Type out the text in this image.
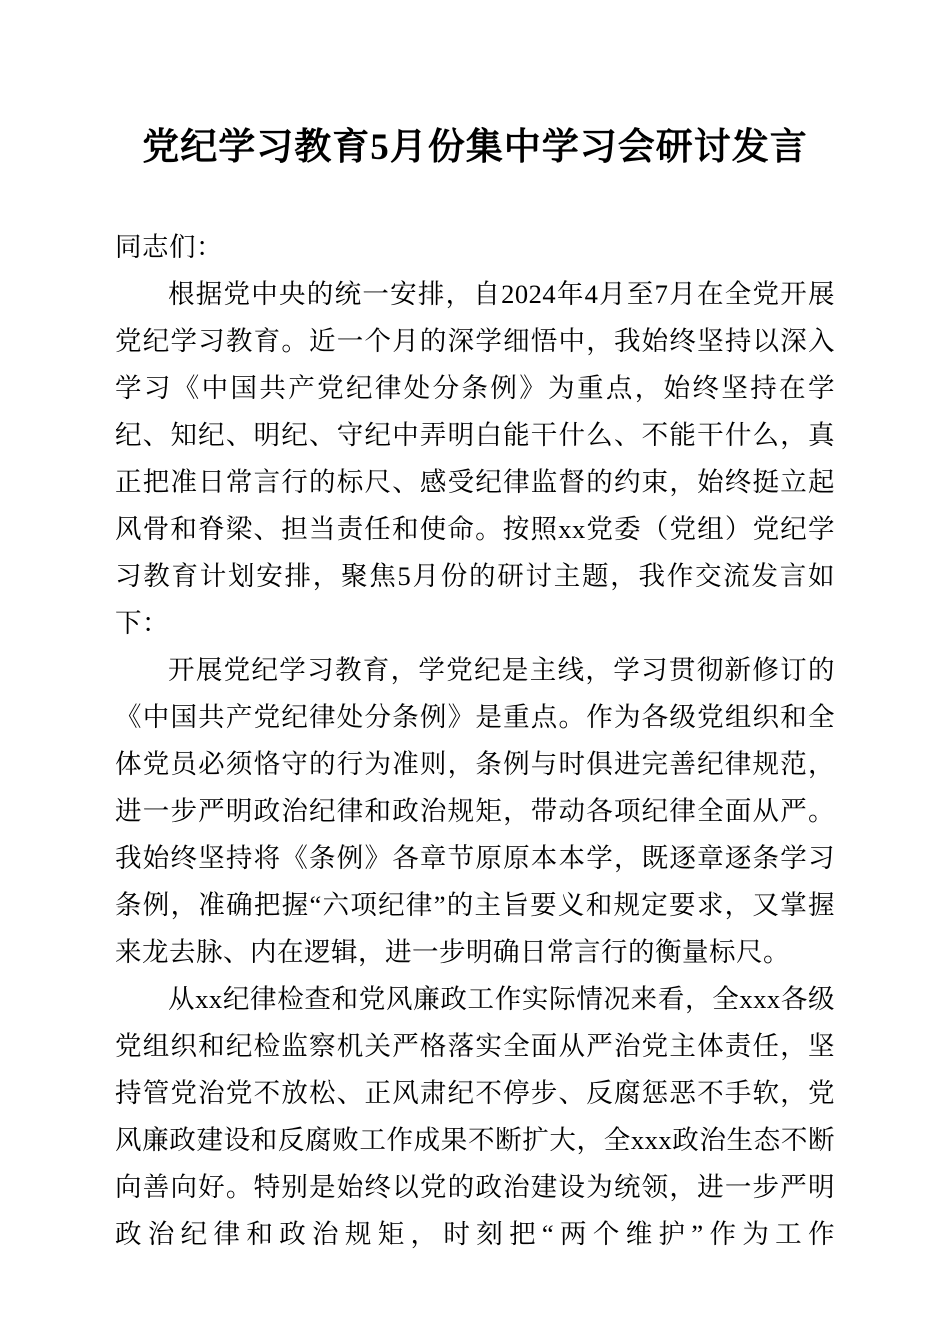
党纪学习教育5月份集中学习会研讨发言

同志们：

根据党中央的统一安排，自2024年4月至7月在全党开展党纪学习教育。近一个月的深学细悟中，我始终坚持以深入学习《中国共产党纪律处分条例》为重点，始终坚持在学纪、知纪、明纪、守纪中弄明白能干什么、不能干什么，真正把准日常言行的标尺、感受纪律监督的约束，始终挺立起风骨和脊梁、担当责任和使命。按照xx党委（党组）党纪学习教育计划安排，聚焦5月份的研讨主题，我作交流发言如下：

开展党纪学习教育，学党纪是主线，学习贯彻新修订的《中国共产党纪律处分条例》是重点。作为各级党组织和全体党员必须恪守的行为准则，条例与时俱进完善纪律规范，进一步严明政治纪律和政治规矩，带动各项纪律全面从严。我始终坚持将《条例》各章节原原本本学，既逐章逐条学习条例，准确把握“六项纪律”的主旨要义和规定要求，又掌握来龙去脉、内在逻辑，进一步明确日常言行的衡量标尺。

从xx纪律检查和党风廉政工作实际情况来看，全xxx各级党组织和纪检监察机关严格落实全面从严治党主体责任，坚持管党治党不放松、正风肃纪不停步、反腐惩恶不手软，党风廉政建设和反腐败工作成果不断扩大，全xxx政治生态不断向善向好。特别是始终以党的政治建设为统领，进一步严明政治纪律和政治规矩，时刻把“两个维护”作为工作
